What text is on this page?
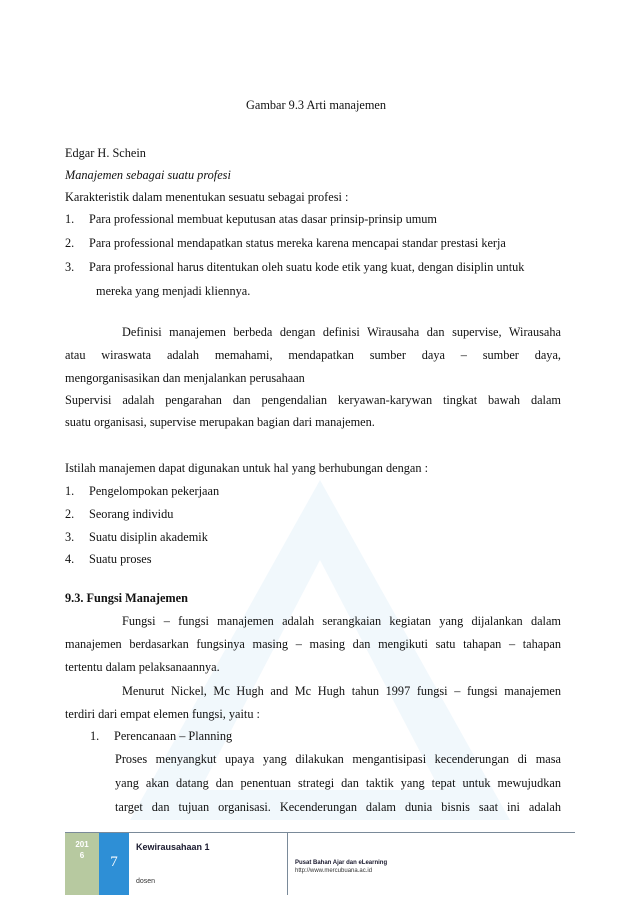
Gambar 9.3 Arti manajemen
Edgar H. Schein
Manajemen sebagai suatu profesi
Karakteristik dalam menentukan sesuatu sebagai profesi :
1. Para professional membuat keputusan atas dasar prinsip-prinsip umum
2. Para professional mendapatkan status mereka karena mencapai standar prestasi kerja
3. Para professional harus ditentukan oleh suatu kode etik yang kuat, dengan disiplin untuk
mereka yang menjadi kliennya.
Definisi manajemen berbeda dengan definisi Wirausaha dan supervise, Wirausaha
atau wiraswata adalah memahami, mendapatkan sumber daya – sumber daya,
mengorganisasikan dan menjalankan perusahaan
Supervisi adalah pengarahan dan pengendalian keryawan-karywan tingkat bawah dalam
suatu organisasi, supervise merupakan bagian dari manajemen.
Istilah manajemen dapat digunakan untuk hal yang berhubungan dengan :
1. Pengelompokan pekerjaan
2. Seorang individu
3. Suatu disiplin akademik
4. Suatu proses
9.3. Fungsi Manajemen
Fungsi – fungsi manajemen adalah serangkaian kegiatan yang dijalankan dalam
manajemen berdasarkan fungsinya masing – masing dan mengikuti satu tahapan – tahapan
tertentu dalam pelaksanaannya.
Menurut Nickel, Mc Hugh and Mc Hugh tahun 1997 fungsi – fungsi manajemen
terdiri dari empat elemen fungsi, yaitu :
1. Perencanaan – Planning
Proses menyangkut upaya yang dilakukan mengantisipasi kecenderungan di masa
yang akan datang dan penentuan strategi dan taktik yang tepat untuk mewujudkan
target dan tujuan organisasi. Kecenderungan dalam dunia bisnis saat ini adalah
201
6	7
Kewirausahaan 1
dosen
Pusat Bahan Ajar dan eLearning
http://www.mercubuana.ac.id
